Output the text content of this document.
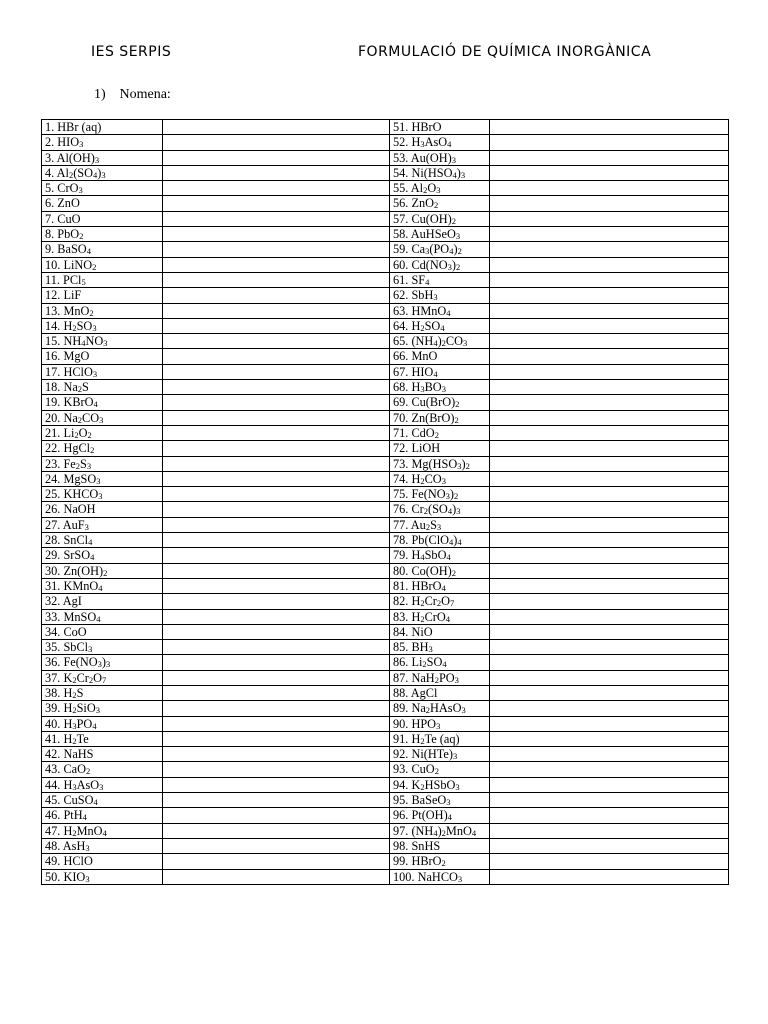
IES SERPIS	FORMULACIÓ DE QUÍMICA INORGÀNICA
1) Nomena:
1. HBr (aq)		51. HBrO	
2. $HIO_3$		52. $H_3AsO_4$	
3. $Al(OH)_3$		53. $Au(OH)_3$	
4. $Al_2(SO_4)_3$		54. $Ni(HSO_4)_3$	
5. CrO$_3$		55. $Al_2O_3$	
6. ZnO		56. ZnO$_2$	
7. CuO		57. $Cu(OH)_2$	
8. PbO$_2$		58. AuHSeO$_3$	
9. BaSO$_4$		59. $Ca_3(PO_4)_2$	
10. LiNO$_2$		60. $Cd(NO_3)_2$	
11. PCl$_5$		61. $SF_4$	
12. LiF		62. SbH$_3$	
13. MnO$_2$		63. HMnO$_4$	
14. $H_2SO_3$		64. $H_2SO_4$	
15. $NH_4NO_3$		65. $(NH_4)_2CO_3$	
16. MgO		66. MnO	
17. HClO$_3$		67. $HIO_4$	
18. $Na_2S$		68. $H_3BO_3$	
19. KBrO$_4$		69. $Cu(BrO)_2$	
20. $Na_2CO_3$		70. $Zn(BrO)_2$	
21. $Li_2O_2$		71. CdO$_2$	
22. HgCl$_2$		72. LiOH	
23. $Fe_2S_3$		73. $Mg(HSO_3)_2$	
24. MgSO$_3$		74. $H_2CO_3$	
25. $KHCO_3$		75. $Fe(NO_3)_2$	
26. NaOH		76. $Cr_2(SO_4)_3$	
27. AuF$_3$		77. $Au_2S_3$	
28. SnCl$_4$		78. $Pb(ClO_4)_4$	
29. SrSO$_4$		79. $H_4SbO_4$	
30. $Zn(OH)_2$		80. $Co(OH)_2$	
31. KMnO$_4$		81. HBrO$_4$	
32. AgI		82. $H_2Cr_2O_7$	
33. MnSO$_4$		83. $H_2CrO_4$	
34. CoO		84. NiO	
35. SbCl$_3$		85. $BH_3$	
36. $Fe(NO_3)_3$		86. $Li_2SO_4$	
37. $K_2Cr_2O_7$		87. $NaH_2PO_3$	
38. $H_2S$		88. AgCl	
39. $H_2SiO_3$		89. $Na_2HAsO_3$	
40. $H_3PO_4$		90. $HPO_3$	
41. $H_2Te$		91. $H_2Te$ (aq)	
42. NaHS		92. $Ni(HTe)_3$	
43. CaO$_2$		93. CuO$_2$	
44. $H_3AsO_3$		94. $K_2HSbO_3$	
45. CuSO$_4$		95. BaSeO$_3$	
46. PtH$_4$		96. $Pt(OH)_4$	
47. $H_2MnO_4$		97. $(NH_4)_2MnO_4$	
48. AsH$_3$		98. SnHS	
49. HClO		99. HBrO$_2$	
50. $KIO_3$		100. NaHCO$_3$	
